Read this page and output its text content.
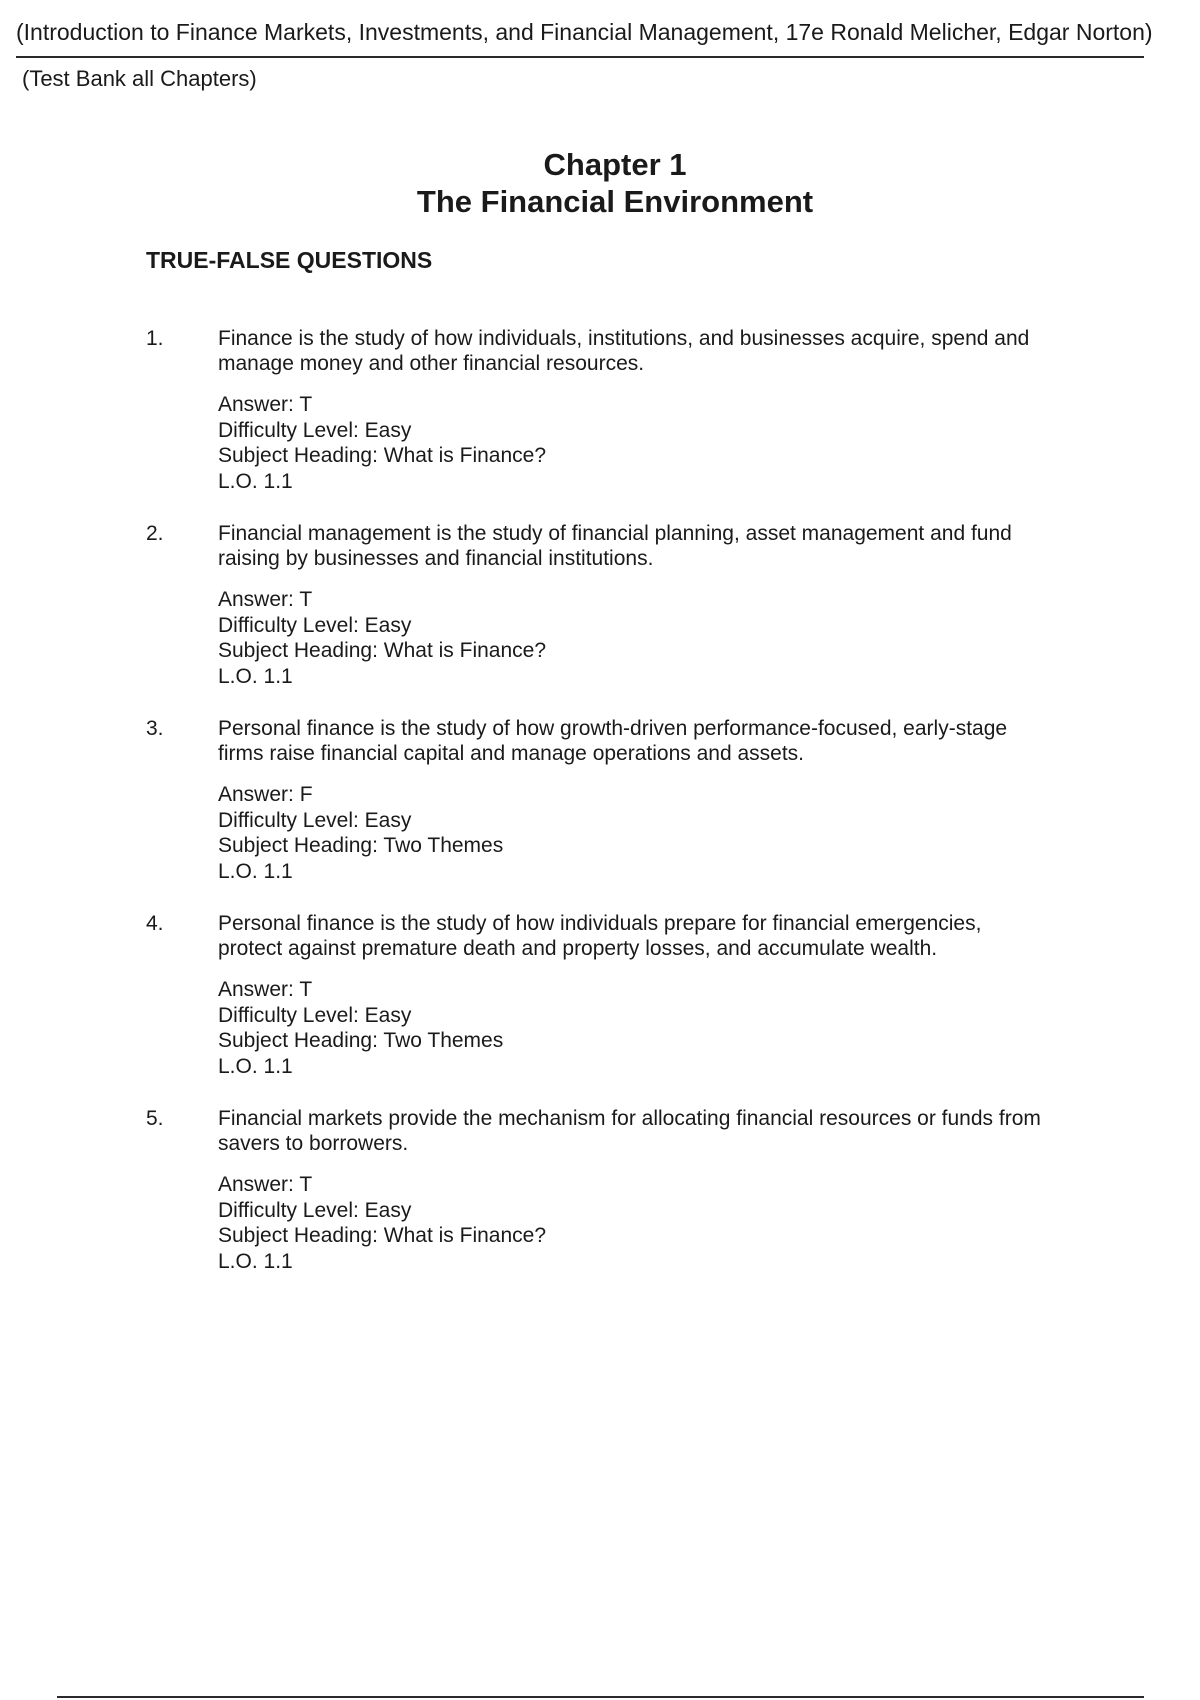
(Introduction to Finance Markets, Investments, and Financial Management, 17e Ronald Melicher, Edgar Norton)
(Test Bank all Chapters)
Chapter 1
The Financial Environment
TRUE-FALSE QUESTIONS
1.	Finance is the study of how individuals, institutions, and businesses acquire, spend and
manage money and other financial resources.

Answer: T
Difficulty Level: Easy
Subject Heading: What is Finance?
L.O. 1.1
2.	Financial management is the study of financial planning, asset management and fund
raising by businesses and financial institutions.

Answer: T
Difficulty Level: Easy
Subject Heading: What is Finance?
L.O. 1.1
3.	Personal finance is the study of how growth-driven performance-focused, early-stage
firms raise financial capital and manage operations and assets.

Answer: F
Difficulty Level: Easy
Subject Heading: Two Themes
L.O. 1.1
4.	Personal finance is the study of how individuals prepare for financial emergencies,
protect against premature death and property losses, and accumulate wealth.

Answer: T
Difficulty Level: Easy
Subject Heading: Two Themes
L.O. 1.1
5.	Financial markets provide the mechanism for allocating financial resources or funds from
savers to borrowers.

Answer: T
Difficulty Level: Easy
Subject Heading: What is Finance?
L.O. 1.1
